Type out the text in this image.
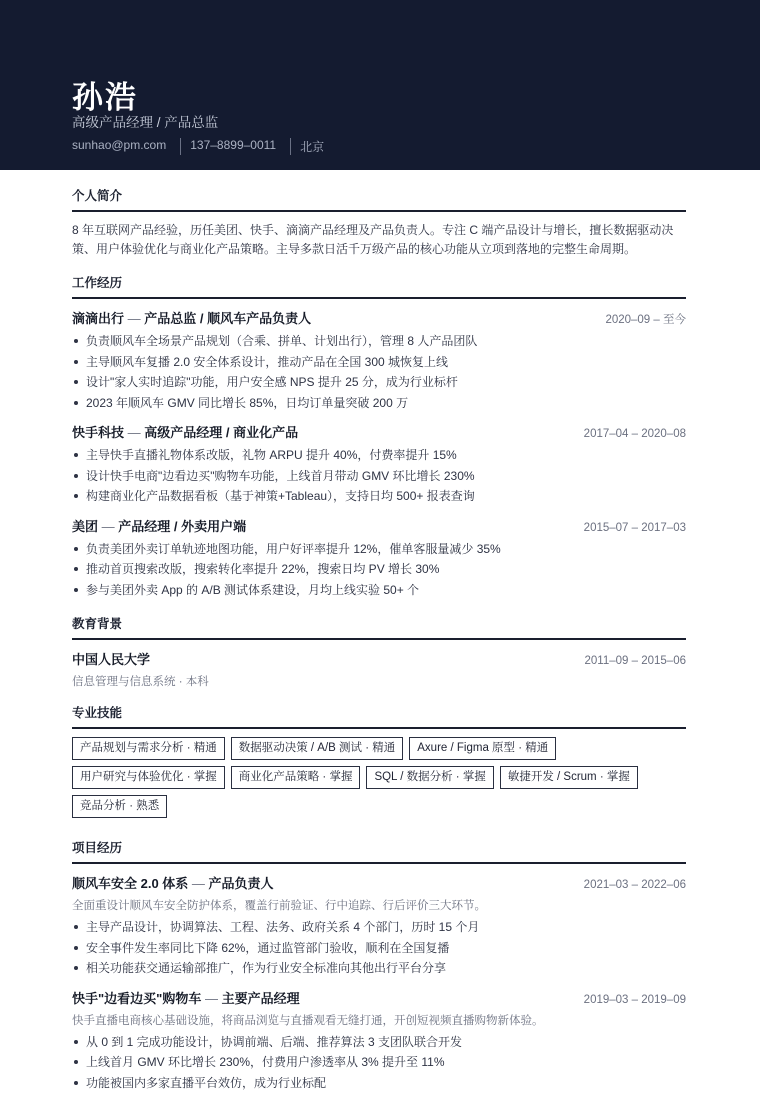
孙浩
高级产品经理 / 产品总监
sunhao@pm.com	137–8899–0011	北京
个人简介
8 年互联网产品经验，历任美团、快手、滴滴产品经理及产品负责人。专注 C 端产品设计与增长，擅长数据驱动决策、用户体验优化与商业化产品策略。主导多款日活千万级产品的核心功能从立项到落地的完整生命周期。
工作经历
滴滴出行 — 产品总监 / 顺风车产品负责人	2020–09 – 至今
负责顺风车全场景产品规划（合乘、拼单、计划出行），管理 8 人产品团队
主导顺风车复播 2.0 安全体系设计，推动产品在全国 300 城恢复上线
设计"家人实时追踪"功能，用户安全感 NPS 提升 25 分，成为行业标杆
2023 年顺风车 GMV 同比增长 85%，日均订单量突破 200 万
快手科技 — 高级产品经理 / 商业化产品	2017–04 – 2020–08
主导快手直播礼物体系改版，礼物 ARPU 提升 40%，付费率提升 15%
设计快手电商"边看边买"购物车功能，上线首月带动 GMV 环比增长 230%
构建商业化产品数据看板（基于神策+Tableau），支持日均 500+ 报表查询
美团 — 产品经理 / 外卖用户端	2015–07 – 2017–03
负责美团外卖订单轨迹地图功能，用户好评率提升 12%，催单客服量减少 35%
推动首页搜索改版，搜索转化率提升 22%，搜索日均 PV 增长 30%
参与美团外卖 App 的 A/B 测试体系建设，月均上线实验 50+ 个
教育背景
中国人民大学	2011–09 – 2015–06
信息管理与信息系统 · 本科
专业技能
产品规划与需求分析 · 精通	数据驱动决策 / A/B 测试 · 精通	Axure / Figma 原型 · 精通
用户研究与体验优化 · 掌握	商业化产品策略 · 掌握	SQL / 数据分析 · 掌握	敏捷开发 / Scrum · 掌握
竞品分析 · 熟悉
项目经历
顺风车安全 2.0 体系 — 产品负责人	2021–03 – 2022–06
全面重设计顺风车安全防护体系，覆盖行前验证、行中追踪、行后评价三大环节。
主导产品设计，协调算法、工程、法务、政府关系 4 个部门，历时 15 个月
安全事件发生率同比下降 62%，通过监管部门验收，顺利在全国复播
相关功能获交通运输部推广，作为行业安全标准向其他出行平台分享
快手"边看边买"购物车 — 主要产品经理	2019–03 – 2019–09
快手直播电商核心基础设施，将商品浏览与直播观看无缝打通，开创短视频直播购物新体验。
从 0 到 1 完成功能设计，协调前端、后端、推荐算法 3 支团队联合开发
上线首月 GMV 环比增长 230%，付费用户渗透率从 3% 提升至 11%
功能被国内多家直播平台效仿，成为行业标配
